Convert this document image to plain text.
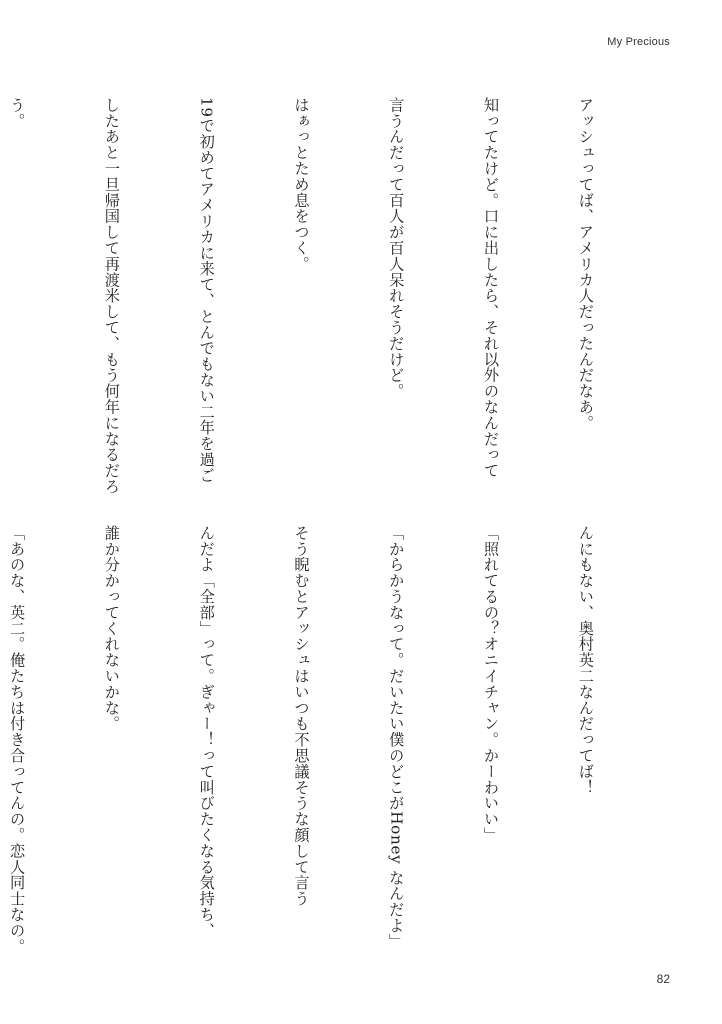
My Precious

アッシュってば、アメリカ人だったんだなあ。

知ってたけど。口に出したら、それ以外のなんだって

言うんだって百人が百人呆れそうだけど。

はぁっとため息をつく。

19で初めてアメリカに来て、とんでもない二年を過ご

したあと一旦帰国して再渡米して、もう何年になるだろ

う。

んにもない、奥村英二なんだってば！

「照れてるの？オニイチャン。かーわいい」

「からかうなって。だいたい僕のどこがHoney なんだよ」

そう睨むとアッシュはいつも不思議そうな顔して言う

んだよ「全部」って。ぎゃー！って叫びたくなる気持ち、

誰か分かってくれないかな。

「あのな、英二。俺たちは付き合ってんの。恋人同士なの。

82
